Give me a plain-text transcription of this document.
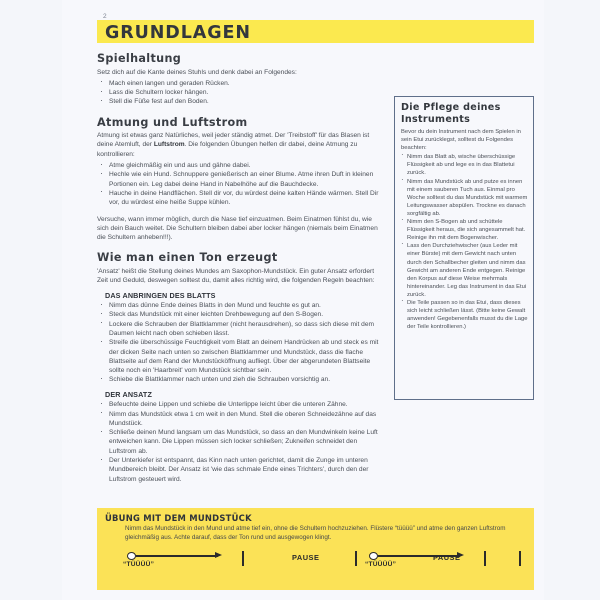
2
GRUNDLAGEN
Spielhaltung

Setz dich auf die Kante deines Stuhls und denk dabei an Folgendes:

· Mach einen langen und geraden Rücken.
· Lass die Schultern locker hängen.
· Stell die Füße fest auf den Boden.
Atmung und Luftstrom

Atmung ist etwas ganz Natürliches, weil jeder ständig atmet. Der 'Treibstoff' für das Blasen ist deine Atemluft, der Luftstrom. Die folgenden Übungen helfen dir dabei, deine Atmung zu kontrollieren:

· Atme gleichmäßig ein und aus und gähne dabei.
· Hechle wie ein Hund. Schnuppere genießerisch an einer Blume. Atme ihren Duft in kleinen Portionen ein. Leg dabei deine Hand in Nabelhöhe auf die Bauchdecke.
· Hauche in deine Handflächen. Stell dir vor, du würdest deine kalten Hände wärmen. Stell Dir vor, du würdest eine heiße Suppe kühlen.

Versuche, wann immer möglich, durch die Nase tief einzuatmen. Beim Einatmen fühlst du, wie sich dein Bauch weitet. Die Schultern bleiben dabei aber locker hängen (niemals beim Einatmen die Schultern anheben!!!).

Wie man einen Ton erzeugt

'Ansatz' heißt die Stellung deines Mundes am Saxophon-Mundstück. Ein guter Ansatz erfordert Zeit und Geduld, deswegen solltest du, damit alles richtig wird, die folgenden Regeln beachten:

DAS ANBRINGEN DES BLATTS
· Nimm das dünne Ende deines Blatts in den Mund und feuchte es gut an.
· Steck das Mundstück mit einer leichten Drehbewegung auf den S-Bogen.
· Lockere die Schrauben der Blattklammer (nicht herausdrehen), so dass sich diese mit dem Daumen leicht nach oben schieben lässt.
· Streife die überschüssige Feuchtigkeit vom Blatt an deinem Handrücken ab und steck es mit der dicken Seite nach unten so zwischen Blattklammer und Mundstück, dass die flache Blattseite auf dem Rand der Mundstücköffnung aufliegt. Über der abgerundeten Blattseite sollte noch ein 'Haarbreit' vom Mundstück sichtbar sein.
· Schiebe die Blattklammer nach unten und zieh die Schrauben vorsichtig an.
DER ANSATZ
· Befeuchte deine Lippen und schiebe die Unterlippe leicht über die unteren Zähne.
· Nimm das Mundstück etwa 1 cm weit in den Mund. Stell die oberen Schneidezähne auf das Mundstück.
· Schließe deinen Mund langsam um das Mundstück, so dass an den Mundwinkeln keine Luft entweichen kann. Die Lippen müssen sich locker schließen; Zukneifen schneidet den Luftstrom ab.
· Der Unterkiefer ist entspannt, das Kinn nach unten gerichtet, damit die Zunge im unteren Mundbereich bleibt. Der Ansatz ist 'wie das schmale Ende eines Trichters', durch den der Luftstrom gesteuert wird.
Die Pflege deines Instruments

Bevor du dein Instrument nach dem Spielen in sein Etui zurücklegst, solltest du Folgendes beachten:

· Nimm das Blatt ab, wische überschüssige Flüssigkeit ab und lege es in das Blattetui zurück.
· Nimm das Mundstück ab und putze es innen mit einem sauberen Tuch aus. Einmal pro Woche solltest du das Mundstück mit warmem Leitungswasser abspülen. Trockne es danach sorgfältig ab.
· Nimm den S-Bogen ab und schüttele Flüssigkeit heraus, die sich angesammelt hat. Reinige ihn mit dem Bogenwischer.
· Lass den Durchziehwischer (aus Leder mit einer Bürste) mit dem Gewicht nach unten durch den Schallbecher gleiten und nimm das Gewicht am anderen Ende entgegen. Reinige den Korpus auf diese Weise mehrmals hintereinander. Leg das Instrument in das Etui zurück.
· Die Teile passen so in das Etui, dass dieses sich leicht schließen lässt. (Bitte keine Gewalt anwenden! Gegebenenfalls musst du die Lage der Teile kontrollieren.)
ÜBUNG MIT DEM MUNDSTÜCK
Nimm das Mundstück in den Mund und atme tief ein, ohne die Schultern hochzuziehen. Flüstere “tüüüü” und atme den ganzen Luftstrom gleichmäßig aus. Achte darauf, dass der Ton rund und ausgewogen klingt.
“TÜÜÜÜ”
PAUSE
“TÜÜÜÜ”
PAUSE
